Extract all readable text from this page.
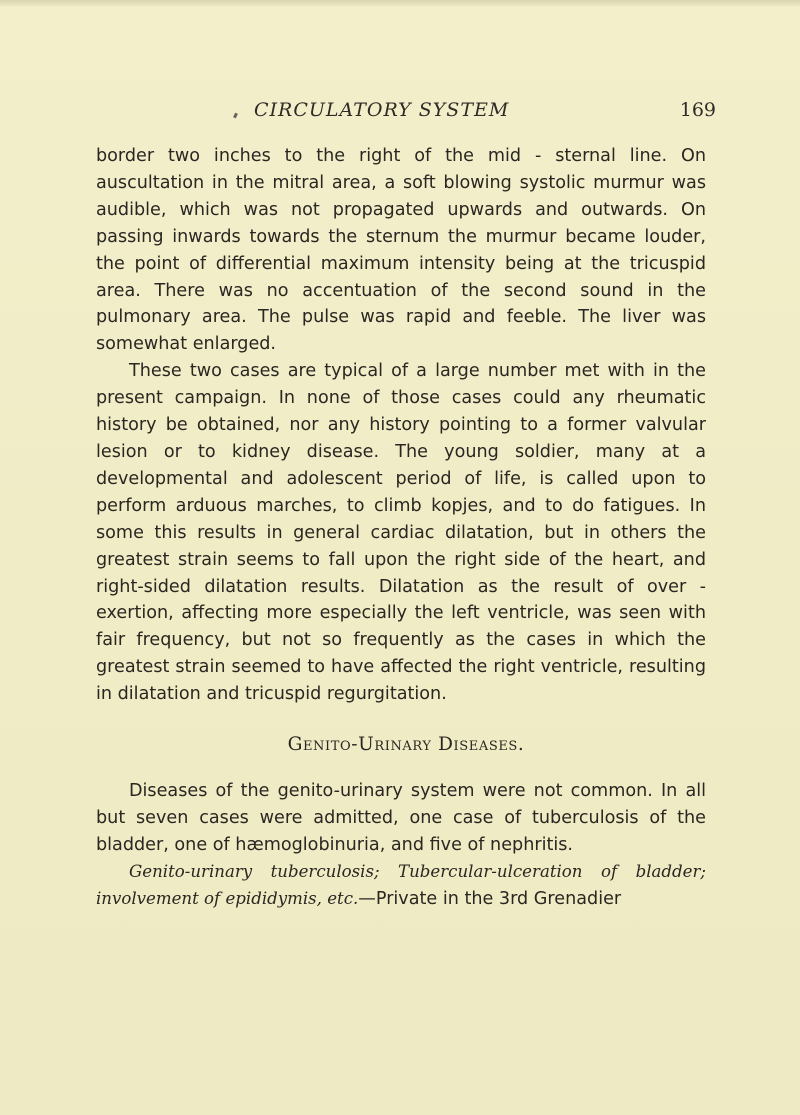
CIRCULATORY SYSTEM	169

border two inches to the right of the mid - sternal line. On auscultation in the mitral area, a soft blowing systolic murmur was audible, which was not propagated upwards and outwards. On passing inwards towards the sternum the murmur became louder, the point of differential maximum intensity being at the tricuspid area. There was no accentuation of the second sound in the pulmonary area. The pulse was rapid and feeble. The liver was somewhat enlarged.

These two cases are typical of a large number met with in the present campaign. In none of those cases could any rheumatic history be obtained, nor any history pointing to a former valvular lesion or to kidney disease. The young soldier, many at a developmental and adolescent period of life, is called upon to perform arduous marches, to climb kopjes, and to do fatigues. In some this results in general cardiac dilatation, but in others the greatest strain seems to fall upon the right side of the heart, and right-sided dilatation results. Dilatation as the result of over - exertion, affecting more especially the left ventricle, was seen with fair frequency, but not so frequently as the cases in which the greatest strain seemed to have affected the right ventricle, resulting in dilatation and tricuspid regurgitation.

Genito-Urinary Diseases.

Diseases of the genito-urinary system were not common. In all but seven cases were admitted, one case of tuberculosis of the bladder, one of hæmoglobinuria, and five of nephritis.

Genito-urinary tuberculosis; Tubercular-ulceration of bladder; involvement of epididymis, etc.—Private in the 3rd Grenadier
